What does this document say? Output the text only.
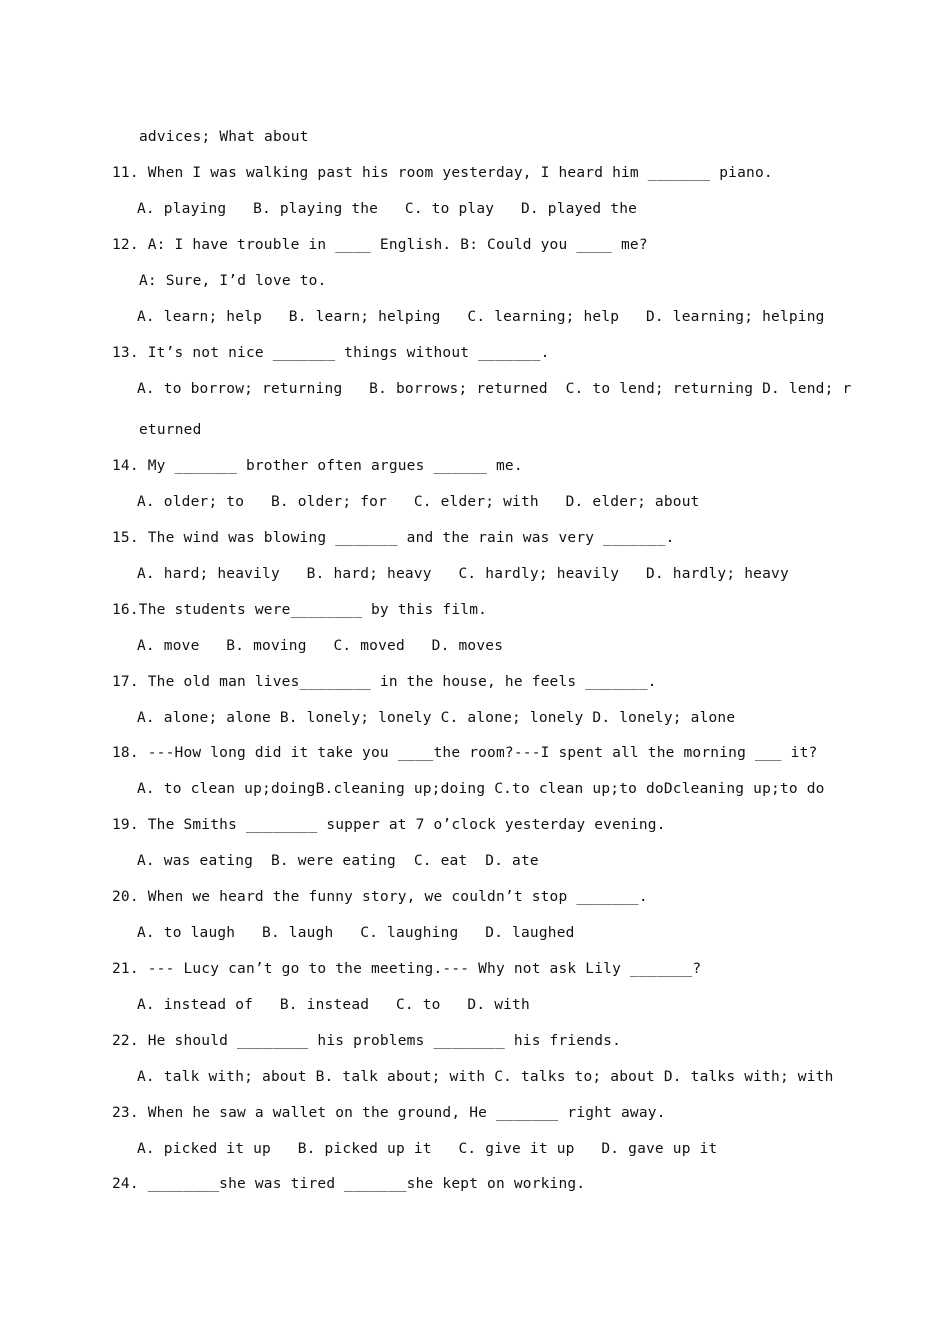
advices; What about
11. When I was walking past his room yesterday, I heard him _______ piano.
A. playing   B. playing the   C. to play   D. played the
12. A: I have trouble in ____ English. B: Could you ____ me?
A: Sure, I’d love to.
A. learn; help   B. learn; helping   C. learning; help   D. learning; helping
13. It’s not nice _______ things without _______.
A. to borrow; returning   B. borrows; returned  C. to lend; returning D. lend; r
eturned
14. My _______ brother often argues ______ me.
A. older; to   B. older; for   C. elder; with   D. elder; about
15. The wind was blowing _______ and the rain was very _______.
A. hard; heavily   B. hard; heavy   C. hardly; heavily   D. hardly; heavy
16.The students were________ by this film.
A. move   B. moving   C. moved   D. moves
17. The old man lives________ in the house, he feels _______.
A. alone; alone B. lonely; lonely C. alone; lonely D. lonely; alone
18. ---How long did it take you ____the room?---I spent all the morning ___ it?
A. to clean up;doingB.cleaning up;doing C.to clean up;to doDcleaning up;to do
19. The Smiths ________ supper at 7 o’clock yesterday evening.
A. was eating  B. were eating  C. eat  D. ate
20. When we heard the funny story, we couldn’t stop _______.
A. to laugh   B. laugh   C. laughing   D. laughed
21. --- Lucy can’t go to the meeting.--- Why not ask Lily _______?
A. instead of   B. instead   C. to   D. with
22. He should ________ his problems ________ his friends.
A. talk with; about B. talk about; with C. talks to; about D. talks with; with
23. When he saw a wallet on the ground, He _______ right away.
A. picked it up   B. picked up it   C. give it up   D. gave up it
24. ________she was tired _______she kept on working.
